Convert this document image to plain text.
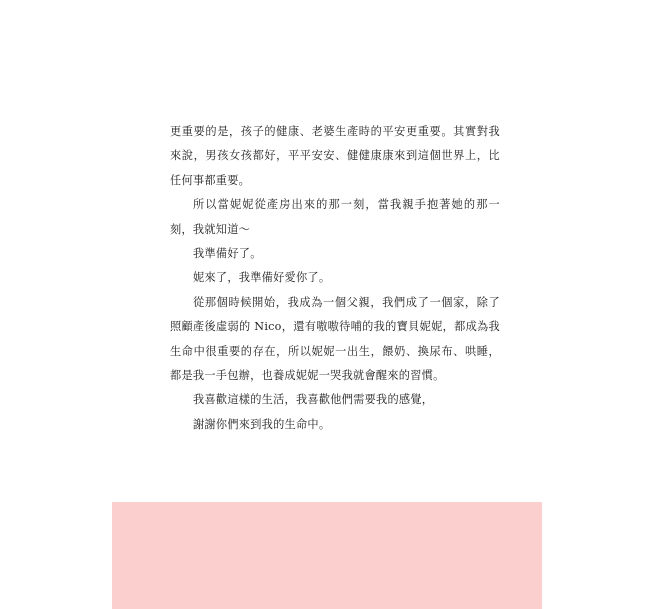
更重要的是，孩子的健康、老婆生產時的平安更重要。其實對我來說，男孩女孩都好，平平安安、健健康康來到這個世界上，比任何事都重要。

所以當妮妮從產房出來的那一刻，當我親手抱著她的那一刻，我就知道～

我準備好了。

妮來了，我準備好愛你了。

從那個時候開始，我成為一個父親，我們成了一個家，除了照顧產後虛弱的 Nico，還有嗷嗷待哺的我的寶貝妮妮，都成為我生命中很重要的存在，所以妮妮一出生，餵奶、換尿布、哄睡，都是我一手包辦，也養成妮妮一哭我就會醒來的習慣。

我喜歡這樣的生活，我喜歡他們需要我的感覺，

謝謝你們來到我的生命中。
